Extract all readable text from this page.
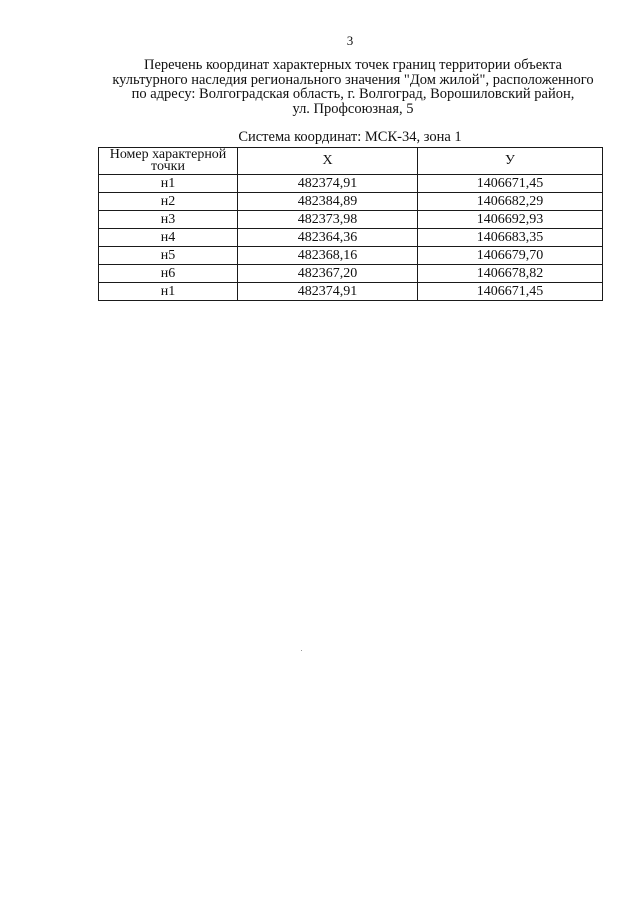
3
Перечень координат характерных точек границ территории объекта
культурного наследия регионального значения "Дом жилой", расположенного
по адресу: Волгоградская область, г. Волгоград, Ворошиловский район,
ул. Профсоюзная, 5
Система координат: МСК-34, зона 1
Номер характерной точки	X	У
н1	482374,91	1406671,45
н2	482384,89	1406682,29
н3	482373,98	1406692,93
н4	482364,36	1406683,35
н5	482368,16	1406679,70
н6	482367,20	1406678,82
н1	482374,91	1406671,45
